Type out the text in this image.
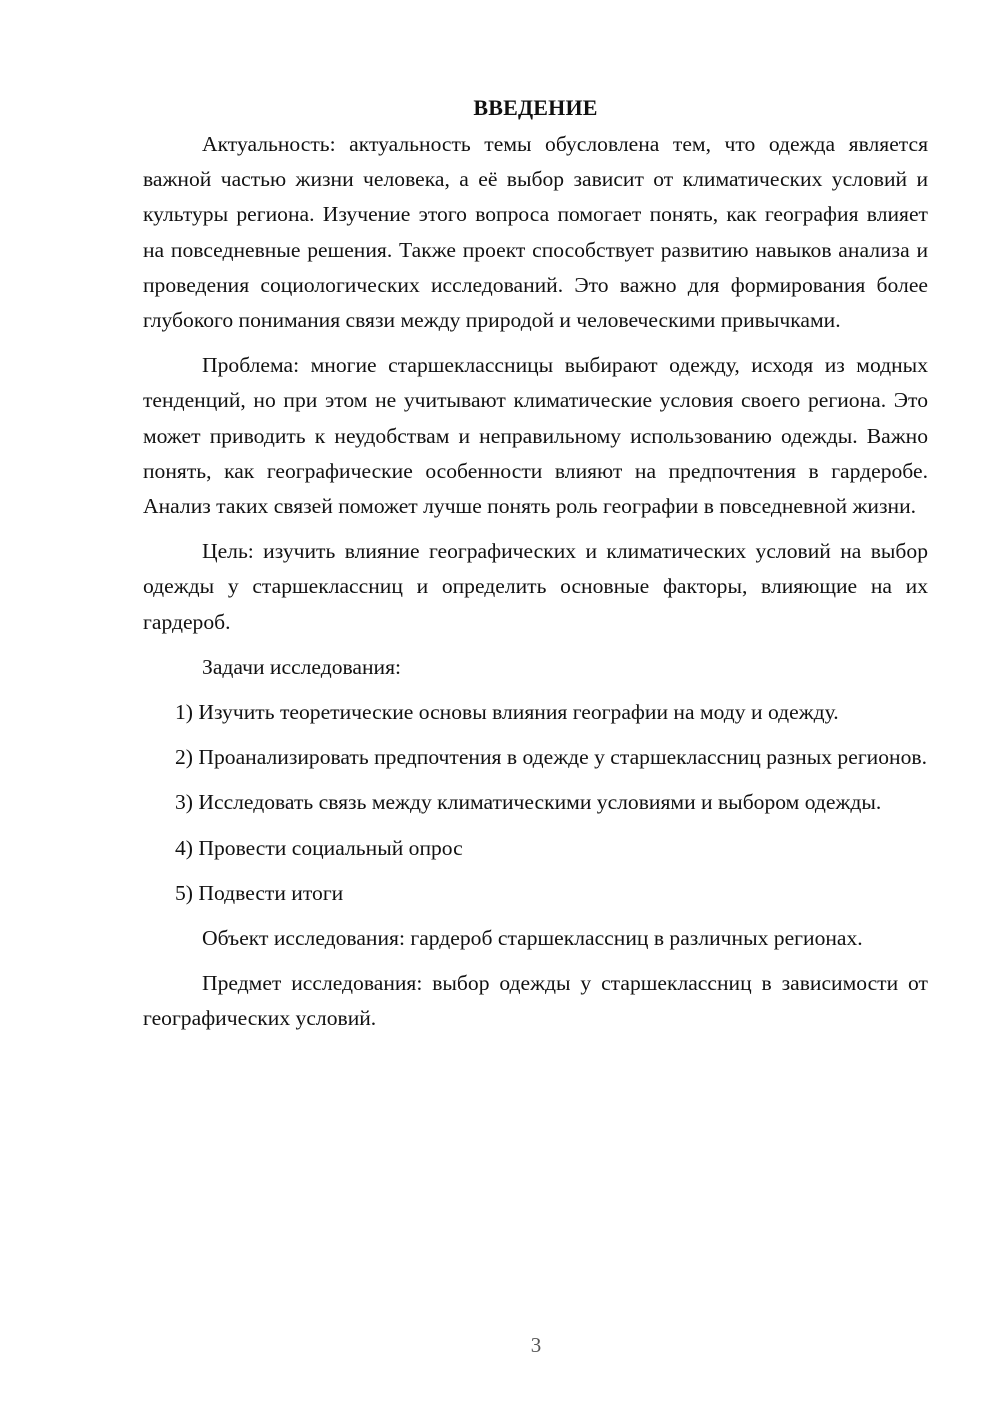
ВВЕДЕНИЕ

Актуальность: актуальность темы обусловлена тем, что одежда является важной частью жизни человека, а её выбор зависит от климатических условий и культуры региона. Изучение этого вопроса помогает понять, как география влияет на повседневные решения. Также проект способствует развитию навыков анализа и проведения социологических исследований. Это важно для формирования более глубокого понимания связи между природой и человеческими привычками.

Проблема: многие старшеклассницы выбирают одежду, исходя из модных тенденций, но при этом не учитывают климатические условия своего региона. Это может приводить к неудобствам и неправильному использованию одежды. Важно понять, как географические особенности влияют на предпочтения в гардеробе. Анализ таких связей поможет лучше понять роль географии в повседневной жизни.

Цель: изучить влияние географических и климатических условий на выбор одежды у старшеклассниц и определить основные факторы, влияющие на их гардероб.

Задачи исследования:

1) Изучить теоретические основы влияния географии на моду и одежду.

2) Проанализировать предпочтения в одежде у старшеклассниц разных регионов.

3) Исследовать связь между климатическими условиями и выбором одежды.

4) Провести социальный опрос

5) Подвести итоги

Объект исследования: гардероб старшеклассниц в различных регионах.

Предмет исследования: выбор одежды у старшеклассниц в зависимости от географических условий.

3
